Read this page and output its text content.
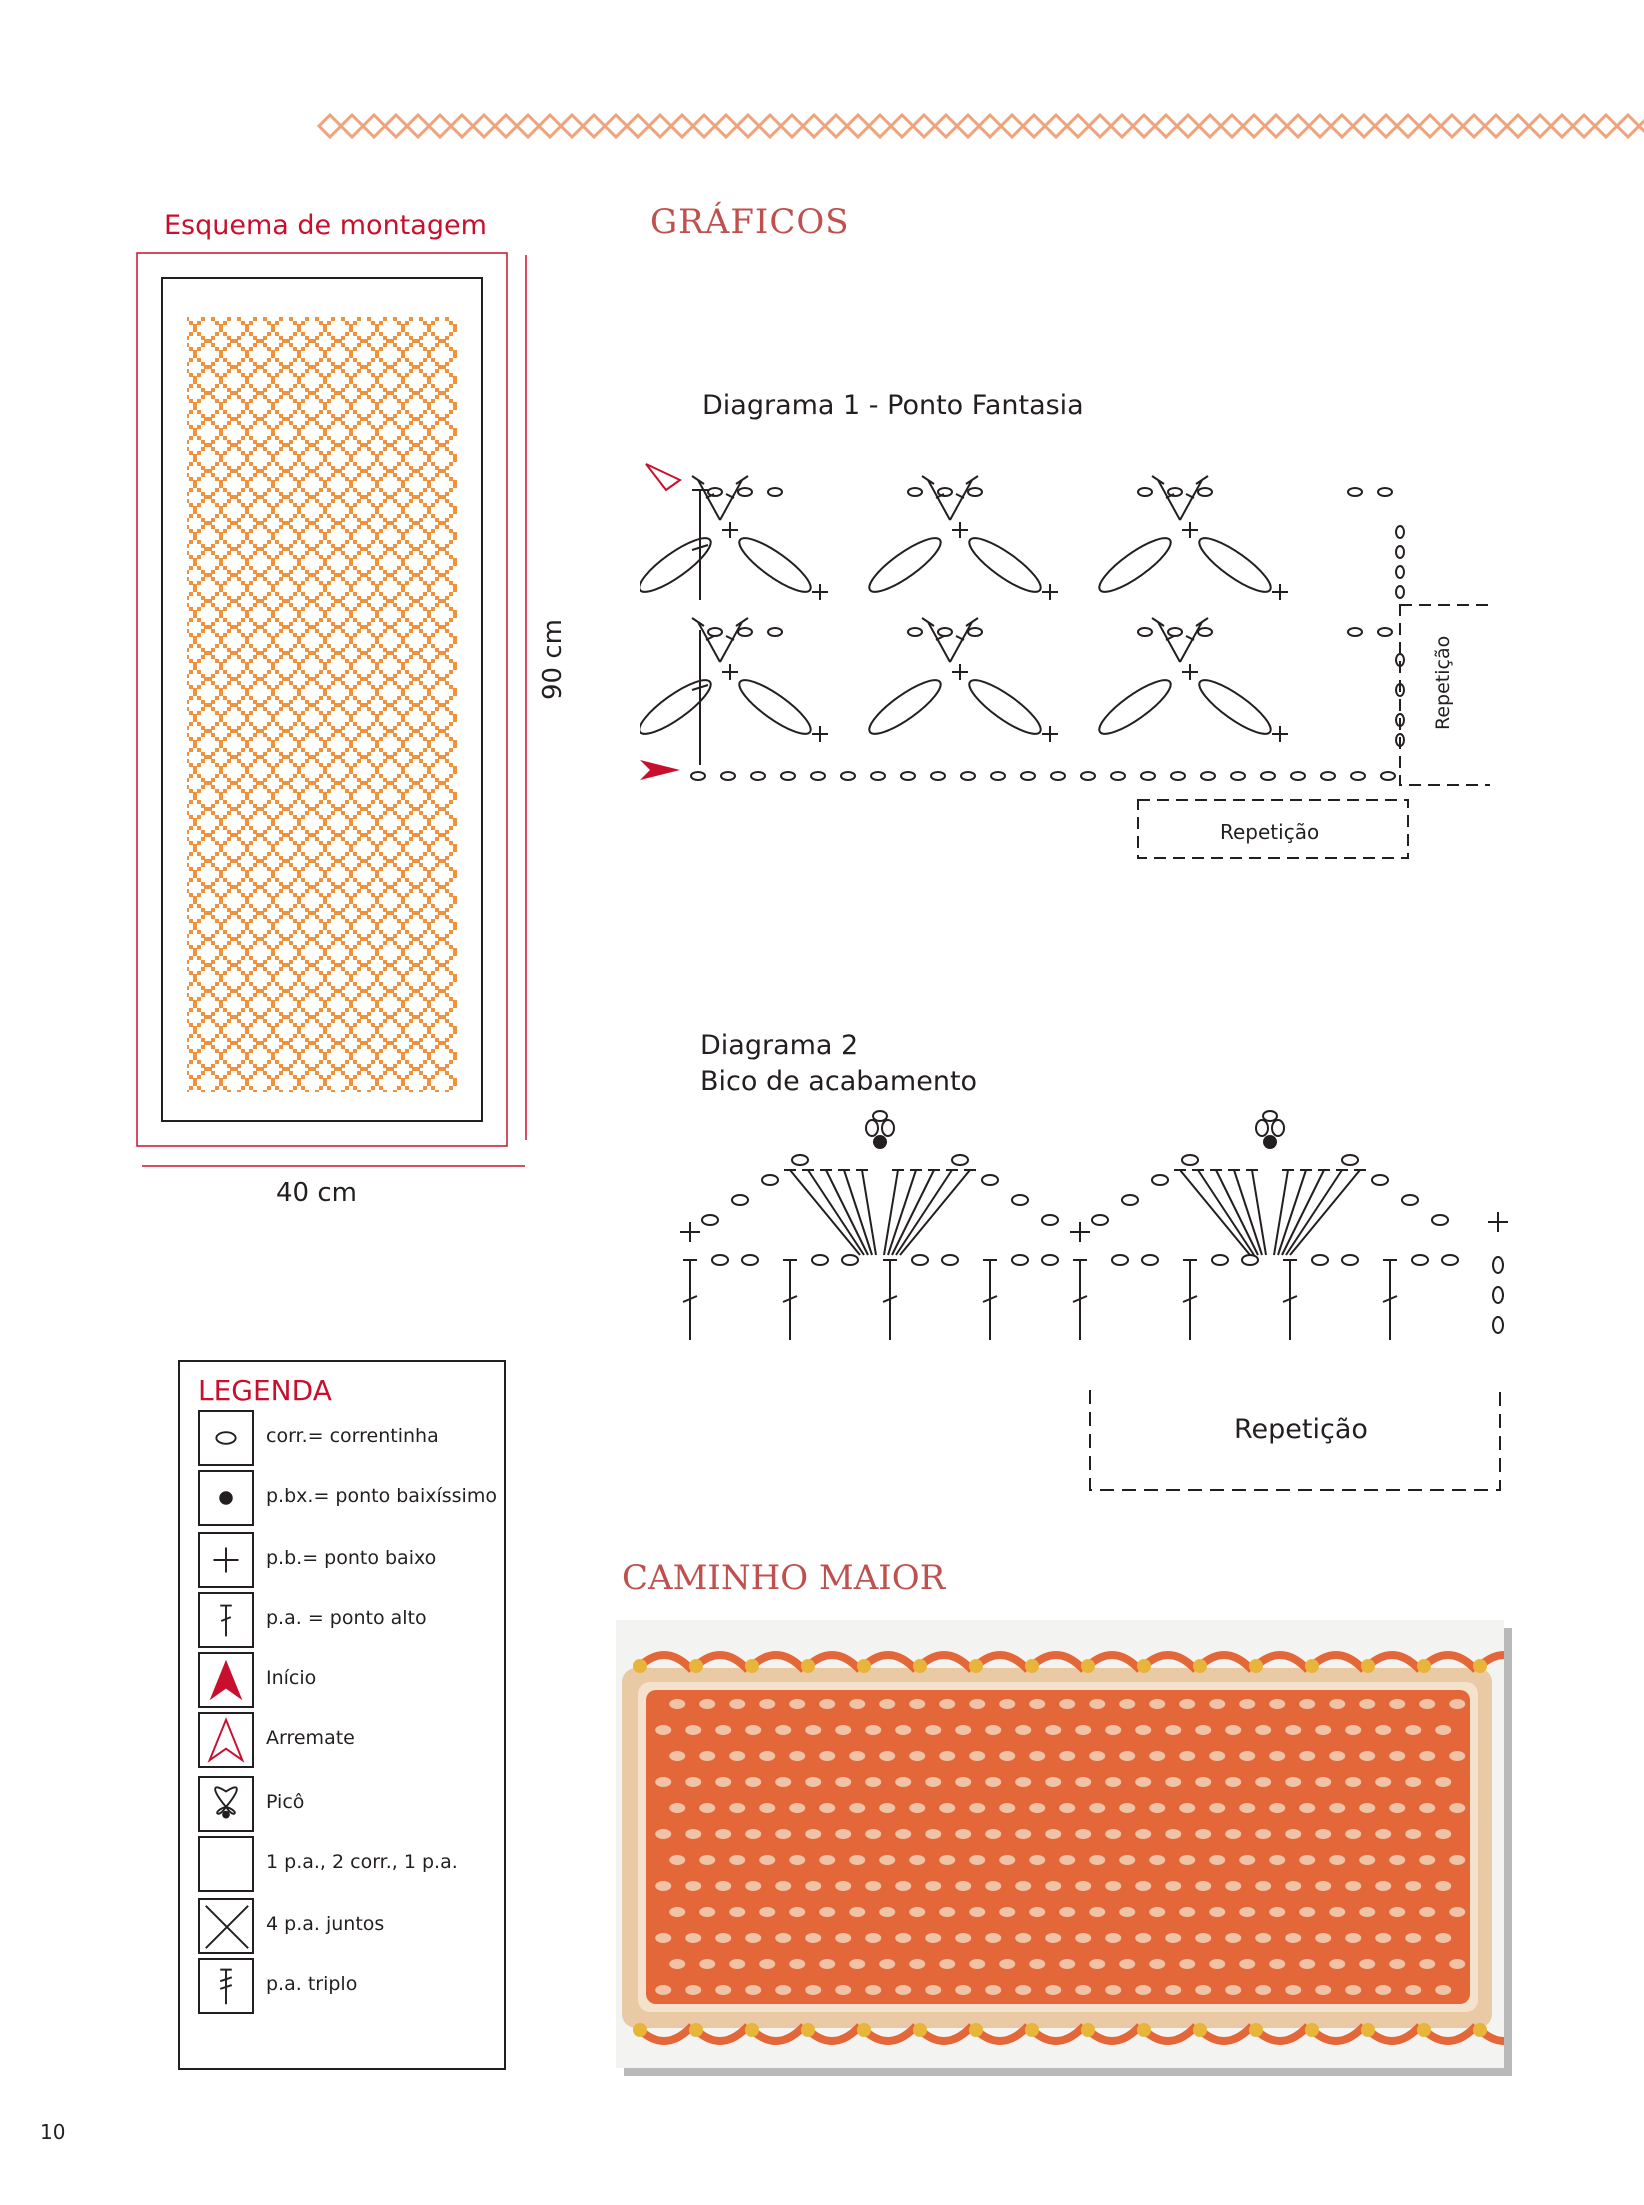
Esquema de montagem	GRÁFICOS
90 cm
40 cm
Diagrama 1 - Ponto Fantasia
Repetição
Repetição
Diagrama 2
Bico de acabamento
Repetição
LEGENDA
corr.= correntinha
p.bx.= ponto baixíssimo
p.b.= ponto baixo
p.a. = ponto alto
Início
Arremate
Picô
1 p.a., 2 corr., 1 p.a.
4 p.a. juntos
p.a. triplo
CAMINHO MAIOR
10
